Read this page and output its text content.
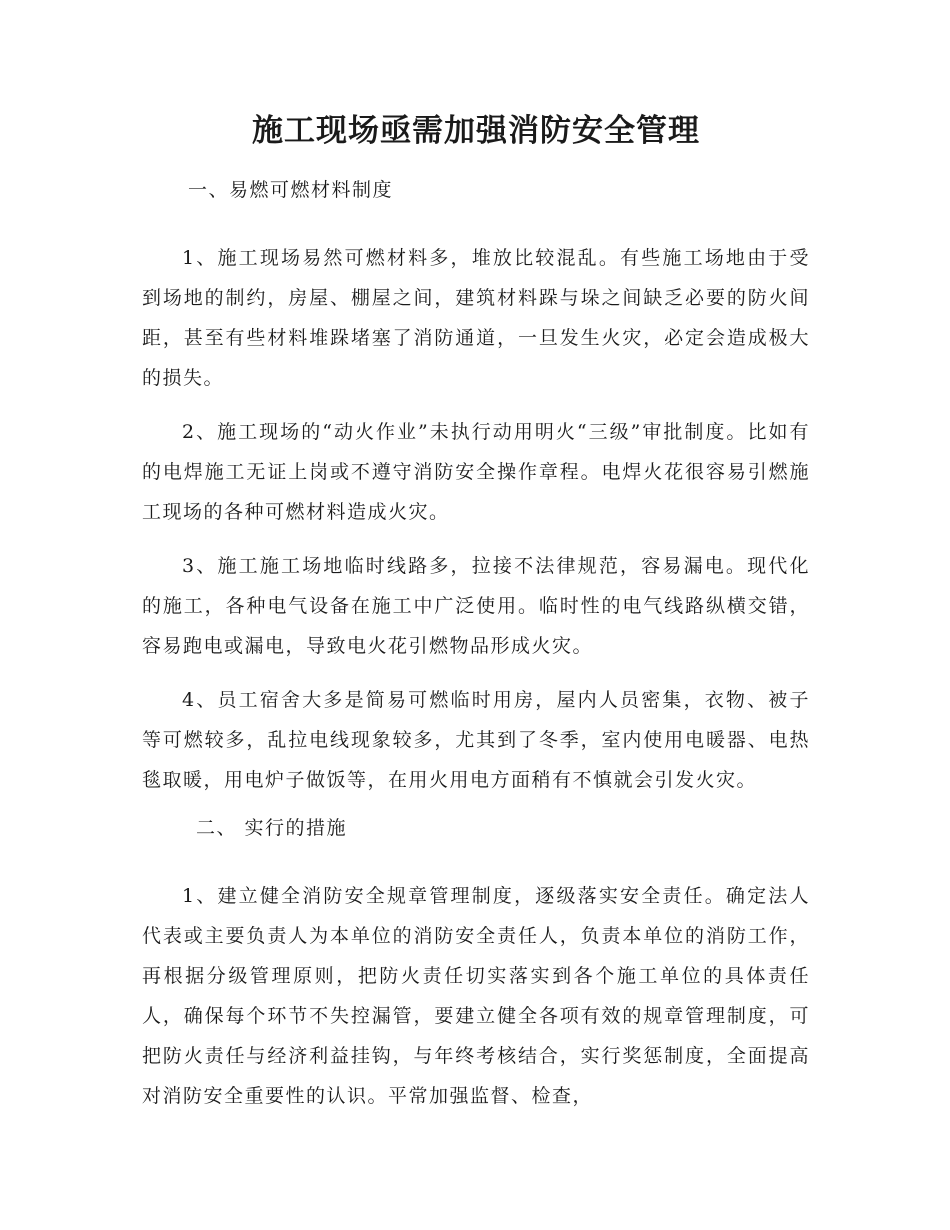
施工现场亟需加强消防安全管理
一、易燃可燃材料制度

1、施工现场易然可燃材料多，堆放比较混乱。有些施工场地由于受到场地的制约，房屋、棚屋之间，建筑材料跺与垛之间缺乏必要的防火间距，甚至有些材料堆跺堵塞了消防通道，一旦发生火灾，必定会造成极大的损失。

2、施工现场的“动火作业”未执行动用明火“三级”审批制度。比如有的电焊施工无证上岗或不遵守消防安全操作章程。电焊火花很容易引燃施工现场的各种可燃材料造成火灾。

3、施工施工场地临时线路多，拉接不法律规范，容易漏电。现代化的施工，各种电气设备在施工中广泛使用。临时性的电气线路纵横交错，容易跑电或漏电，导致电火花引燃物品形成火灾。

4、员工宿舍大多是简易可燃临时用房，屋内人员密集，衣物、被子等可燃较多，乱拉电线现象较多，尤其到了冬季，室内使用电暖器、电热毯取暖，用电炉子做饭等，在用火用电方面稍有不慎就会引发火灾。

二、 实行的措施

1、建立健全消防安全规章管理制度，逐级落实安全责任。确定法人代表或主要负责人为本单位的消防安全责任人，负责本单位的消防工作，再根据分级管理原则，把防火责任切实落实到各个施工单位的具体责任人，确保每个环节不失控漏管，要建立健全各项有效的规章管理制度，可把防火责任与经济利益挂钩，与年终考核结合，实行奖惩制度，全面提高对消防安全重要性的认识。平常加强监督、检查，
